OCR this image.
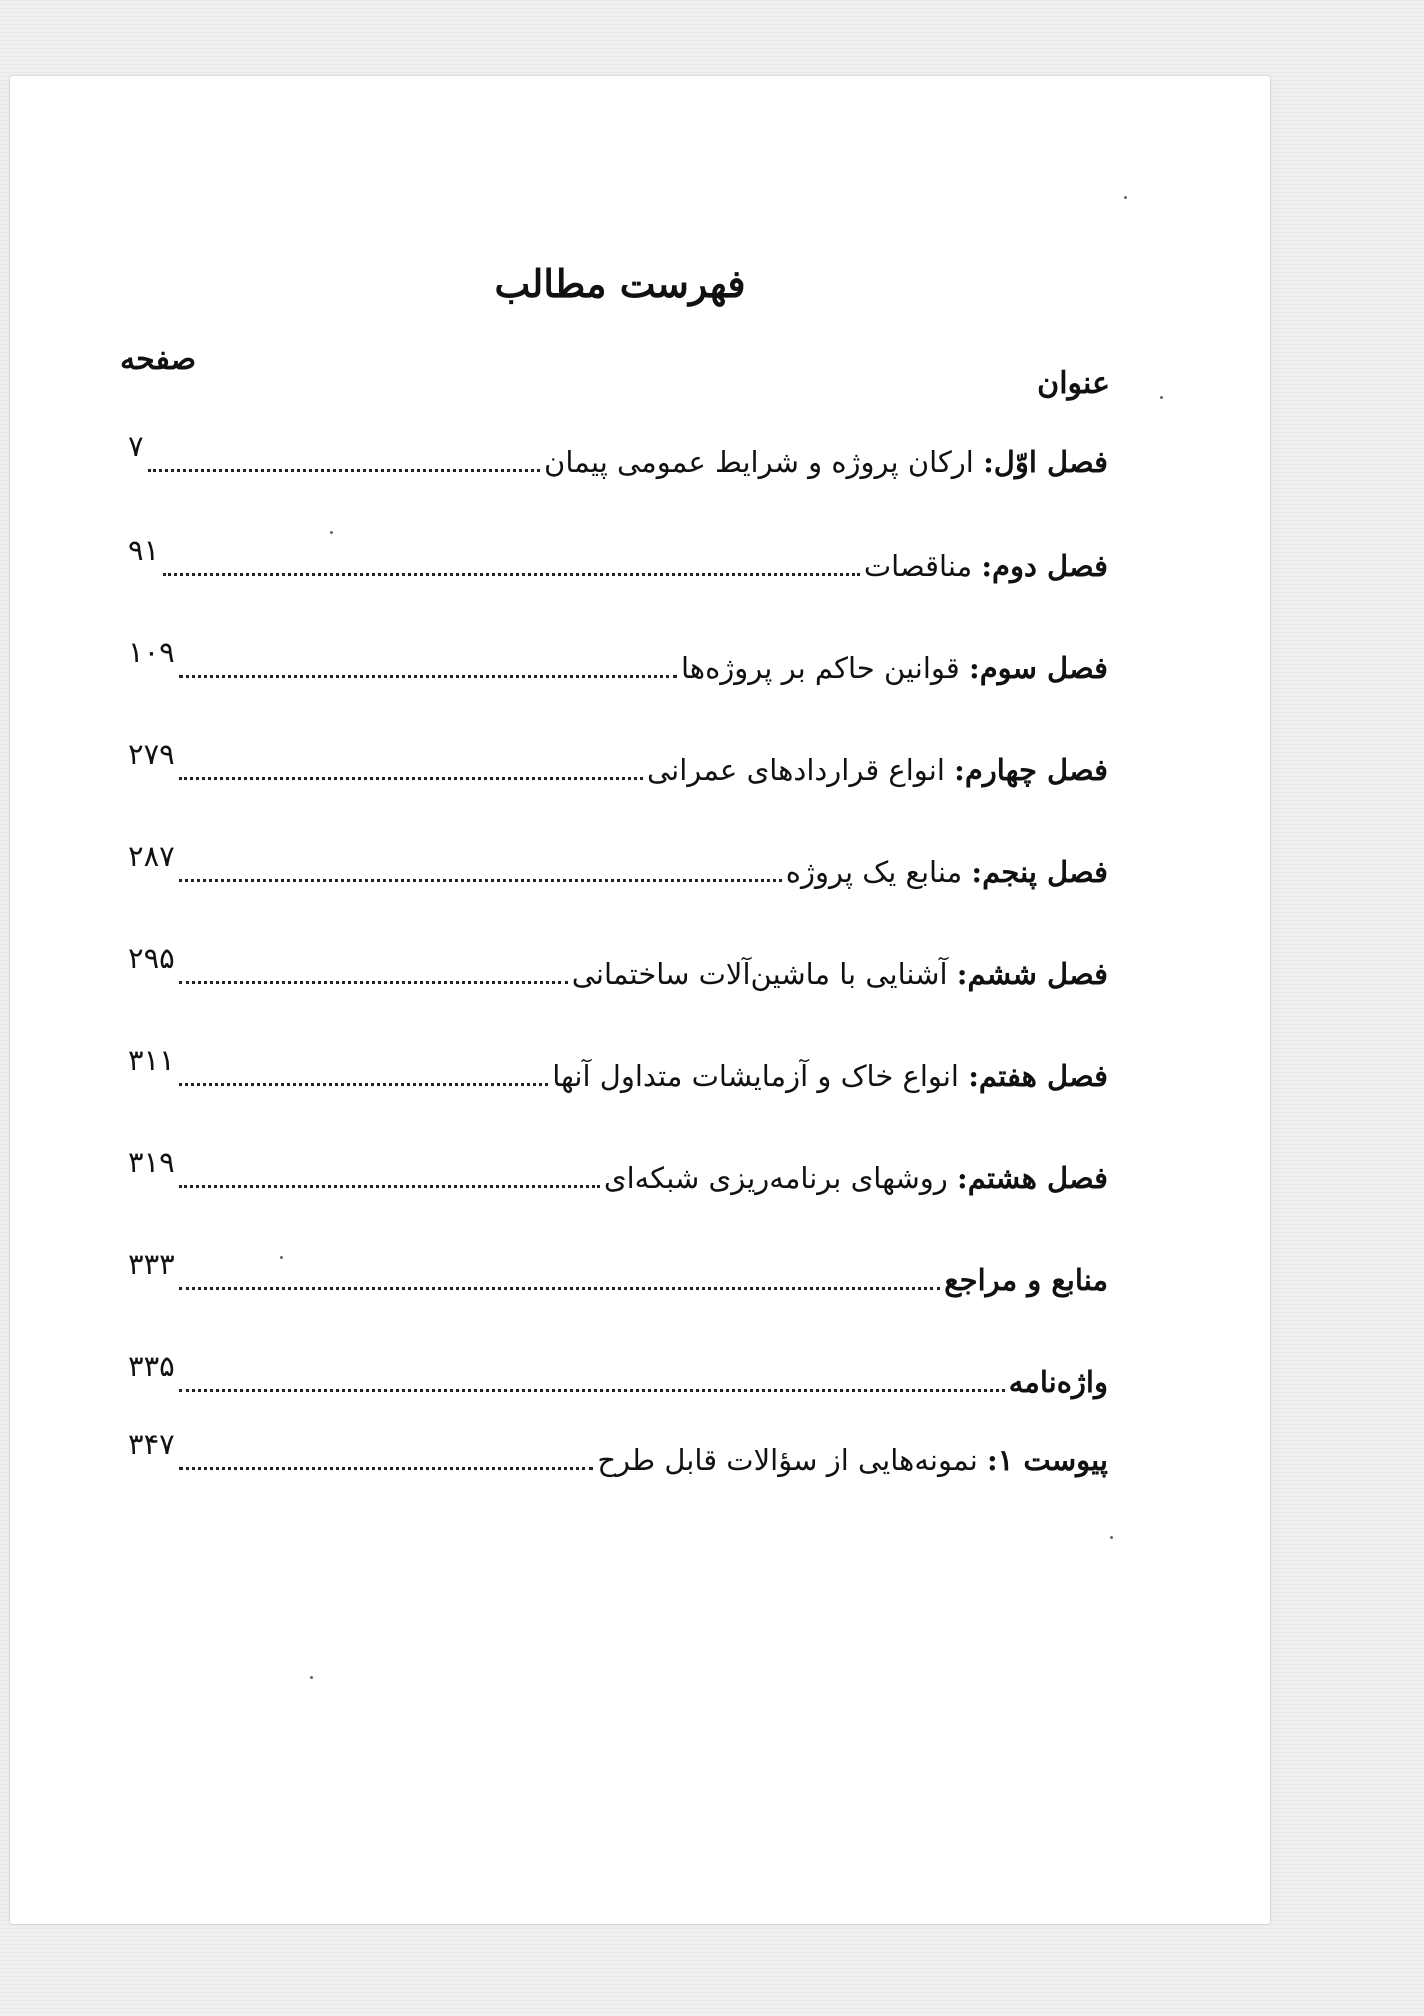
فهرست مطالب
عنوان
صفحه
فصل اوّل: ارکان پروژه و شرایط عمومی پیمان
۷
فصل دوم: مناقصات
۹۱
فصل سوم: قوانین حاکم بر پروژه‌ها
۱۰۹
فصل چهارم: انواع قراردادهای عمرانی
۲۷۹
فصل پنجم: منابع یک پروژه
۲۸۷
فصل ششم: آشنایی با ماشین‌آلات ساختمانی
۲۹۵
فصل هفتم: انواع خاک و آزمایشات متداول آنها
۳۱۱
فصل هشتم: روشهای برنامه‌ریزی شبکه‌ای
۳۱۹
منابع و مراجع
۳۳۳
واژه‌نامه
۳۳۵
پیوست ۱: نمونه‌هایی از سؤالات قابل طرح
۳۴۷
